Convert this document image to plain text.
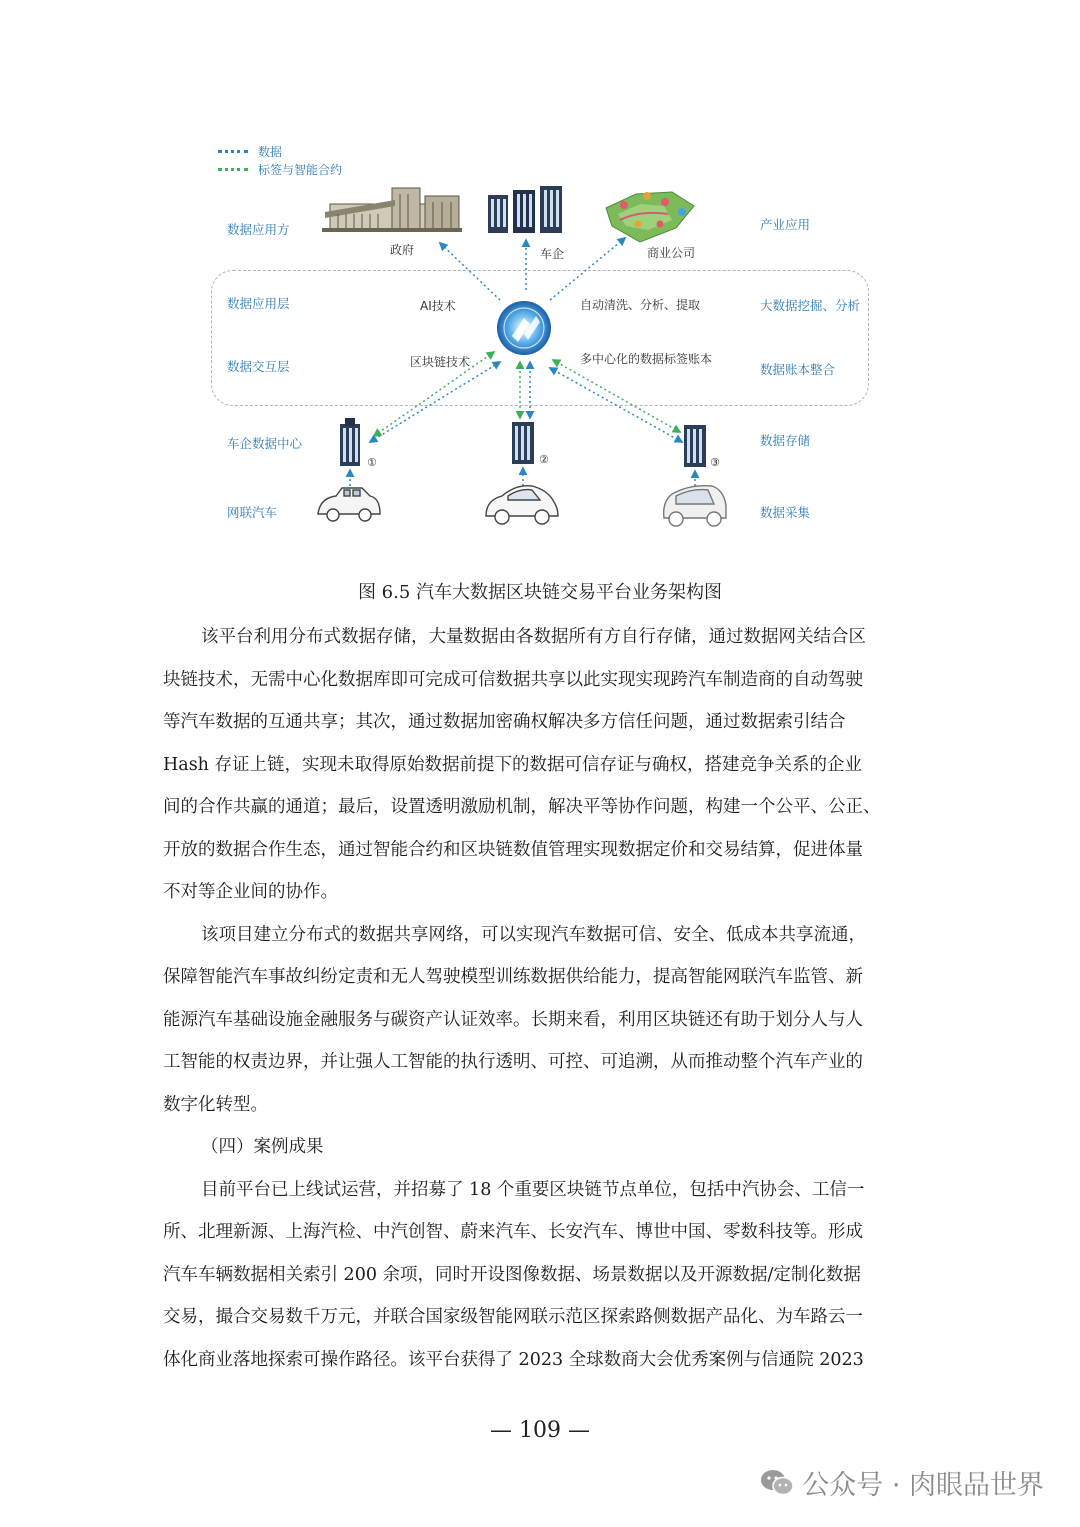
数据
标签与智能合约
数据应用方
数据应用层
数据交互层
车企数据中心
网联汽车
产业应用
大数据挖掘、分析
数据账本整合
数据存储
数据采集
AI技术
区块链技术
自动清洗、分析、提取
多中心化的数据标签账本
政府	车企	商业公司
①	②	③
图 6.5 汽车大数据区块链交易平台业务架构图
该平台利用分布式数据存储，大量数据由各数据所有方自行存储，通过数据网关结合区
块链技术，无需中心化数据库即可完成可信数据共享以此实现实现跨汽车制造商的自动驾驶
等汽车数据的互通共享；其次，通过数据加密确权解决多方信任问题，通过数据索引结合
Hash 存证上链，实现未取得原始数据前提下的数据可信存证与确权，搭建竞争关系的企业
间的合作共赢的通道；最后，设置透明激励机制，解决平等协作问题，构建一个公平、公正、
开放的数据合作生态，通过智能合约和区块链数值管理实现数据定价和交易结算，促进体量
不对等企业间的协作。
该项目建立分布式的数据共享网络，可以实现汽车数据可信、安全、低成本共享流通，
保障智能汽车事故纠纷定责和无人驾驶模型训练数据供给能力，提高智能网联汽车监管、新
能源汽车基础设施金融服务与碳资产认证效率。长期来看，利用区块链还有助于划分人与人
工智能的权责边界，并让强人工智能的执行透明、可控、可追溯，从而推动整个汽车产业的
数字化转型。
（四）案例成果
目前平台已上线试运营，并招募了 18 个重要区块链节点单位，包括中汽协会、工信一
所、北理新源、上海汽检、中汽创智、蔚来汽车、长安汽车、博世中国、零数科技等。形成
汽车车辆数据相关索引 200 余项，同时开设图像数据、场景数据以及开源数据/定制化数据
交易，撮合交易数千万元，并联合国家级智能网联示范区探索路侧数据产品化、为车路云一
体化商业落地探索可操作路径。该平台获得了 2023 全球数商大会优秀案例与信通院 2023
— 109 —
公众号 · 肉眼品世界
